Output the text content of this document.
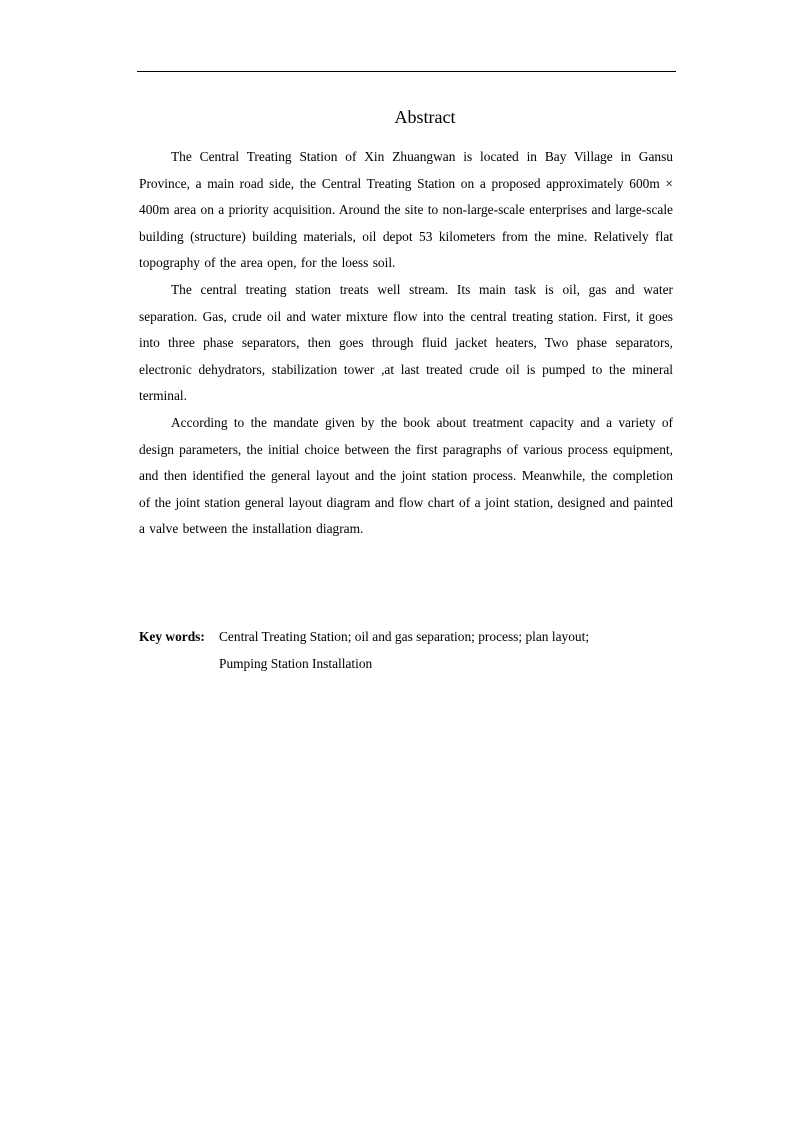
Abstract

The Central Treating Station of Xin Zhuangwan is located in Bay Village in Gansu Province, a main road side, the Central Treating Station on a proposed approximately 600m × 400m area on a priority acquisition. Around the site to non-large-scale enterprises and large-scale building (structure) building materials, oil depot 53 kilometers from the mine. Relatively flat topography of the area open, for the loess soil.

The central treating station treats well stream. Its main task is oil, gas and water separation. Gas, crude oil and water mixture flow into the central treating station. First, it goes into three phase separators, then goes through fluid jacket heaters, Two phase separators, electronic dehydrators, stabilization tower ,at last treated crude oil is pumped to the mineral terminal.

According to the mandate given by the book about treatment capacity and a variety of design parameters, the initial choice between the first paragraphs of various process equipment, and then identified the general layout and the joint station process. Meanwhile, the completion of the joint station general layout diagram and flow chart of a joint station, designed and painted a valve between the installation diagram.

Key words: Central Treating Station; oil and gas separation; process; plan layout;
Pumping Station Installation
